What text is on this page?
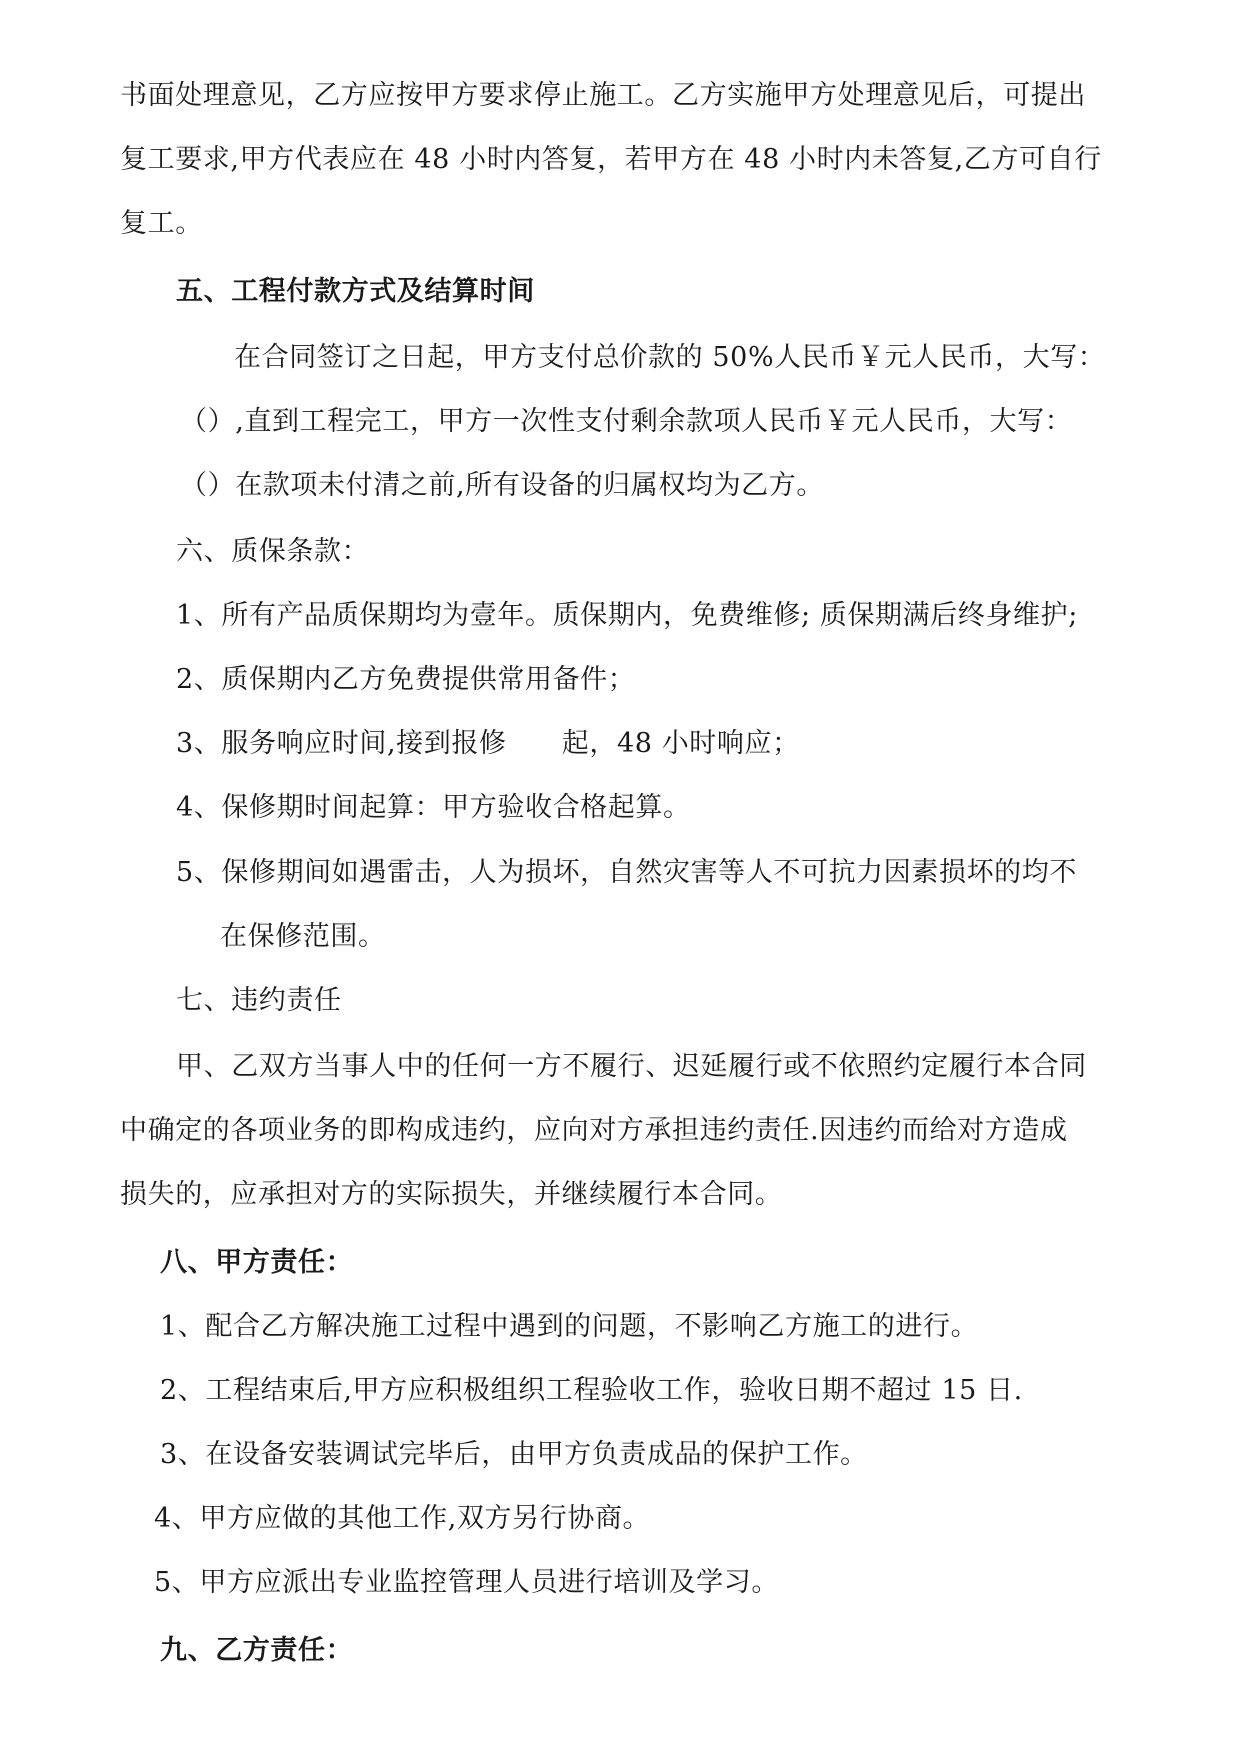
书面处理意见，乙方应按甲方要求停止施工。乙方实施甲方处理意见后，可提出
复工要求,甲方代表应在 48 小时内答复，若甲方在 48 小时内未答复,乙方可自行
复工。
五、工程付款方式及结算时间
在合同签订之日起，甲方支付总价款的 50%人民币￥元人民币，大写：
（）,直到工程完工，甲方一次性支付剩余款项人民币￥元人民币，大写：
（）在款项未付清之前,所有设备的归属权均为乙方。
六、质保条款：
1、所有产品质保期均为壹年。质保期内，免费维修; 质保期满后终身维护;
2、质保期内乙方免费提供常用备件；
3、服务响应时间,接到报修　　起，48 小时响应；
4、保修期时间起算：甲方验收合格起算。
5、保修期间如遇雷击，人为损坏，自然灾害等人不可抗力因素损坏的均不
在保修范围。
七、违约责任
甲、乙双方当事人中的任何一方不履行、迟延履行或不依照约定履行本合同
中确定的各项业务的即构成违约，应向对方承担违约责任.因违约而给对方造成
损失的，应承担对方的实际损失，并继续履行本合同。
八、甲方责任：
1、配合乙方解决施工过程中遇到的问题，不影响乙方施工的进行。
2、工程结束后,甲方应积极组织工程验收工作，验收日期不超过 15 日.
3、在设备安装调试完毕后，由甲方负责成品的保护工作。
4、甲方应做的其他工作,双方另行协商。
5、甲方应派出专业监控管理人员进行培训及学习。
九、乙方责任：
